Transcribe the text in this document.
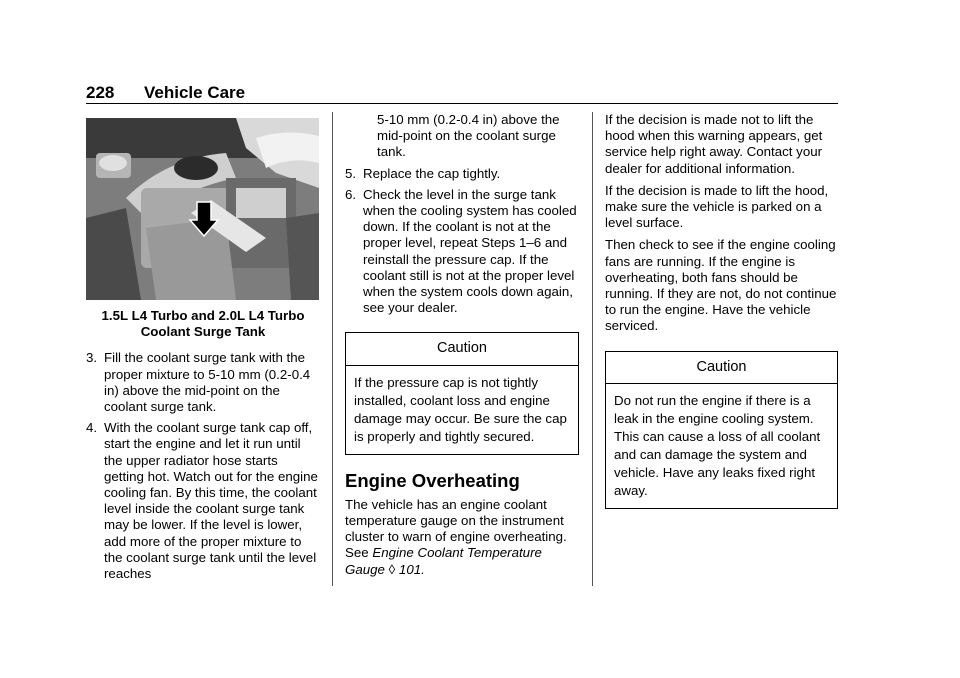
228 Vehicle Care
1.5L L4 Turbo and 2.0L L4 Turbo
Coolant Surge Tank
3. Fill the coolant surge tank with the proper mixture to 5-10 mm (0.2-0.4 in) above the mid-point on the coolant surge tank.
4. With the coolant surge tank cap off, start the engine and let it run until the upper radiator hose starts getting hot. Watch out for the engine cooling fan. By this time, the coolant level inside the coolant surge tank may be lower. If the level is lower, add more of the proper mixture to the coolant surge tank until the level reaches
5-10 mm (0.2-0.4 in) above the mid-point on the coolant surge tank.
5. Replace the cap tightly.
6. Check the level in the surge tank when the cooling system has cooled down. If the coolant is not at the proper level, repeat Steps 1–6 and reinstall the pressure cap. If the coolant still is not at the proper level when the system cools down again, see your dealer.
Caution
If the pressure cap is not tightly installed, coolant loss and engine damage may occur. Be sure the cap is properly and tightly secured.
Engine Overheating

The vehicle has an engine coolant temperature gauge on the instrument cluster to warn of engine overheating. See Engine Coolant Temperature Gauge ◊ 101.

If the decision is made not to lift the hood when this warning appears, get service help right away. Contact your dealer for additional information.

If the decision is made to lift the hood, make sure the vehicle is parked on a level surface.

Then check to see if the engine cooling fans are running. If the engine is overheating, both fans should be running. If they are not, do not continue to run the engine. Have the vehicle serviced.

Caution
Do not run the engine if there is a leak in the engine cooling system. This can cause a loss of all coolant and can damage the system and vehicle. Have any leaks fixed right away.
